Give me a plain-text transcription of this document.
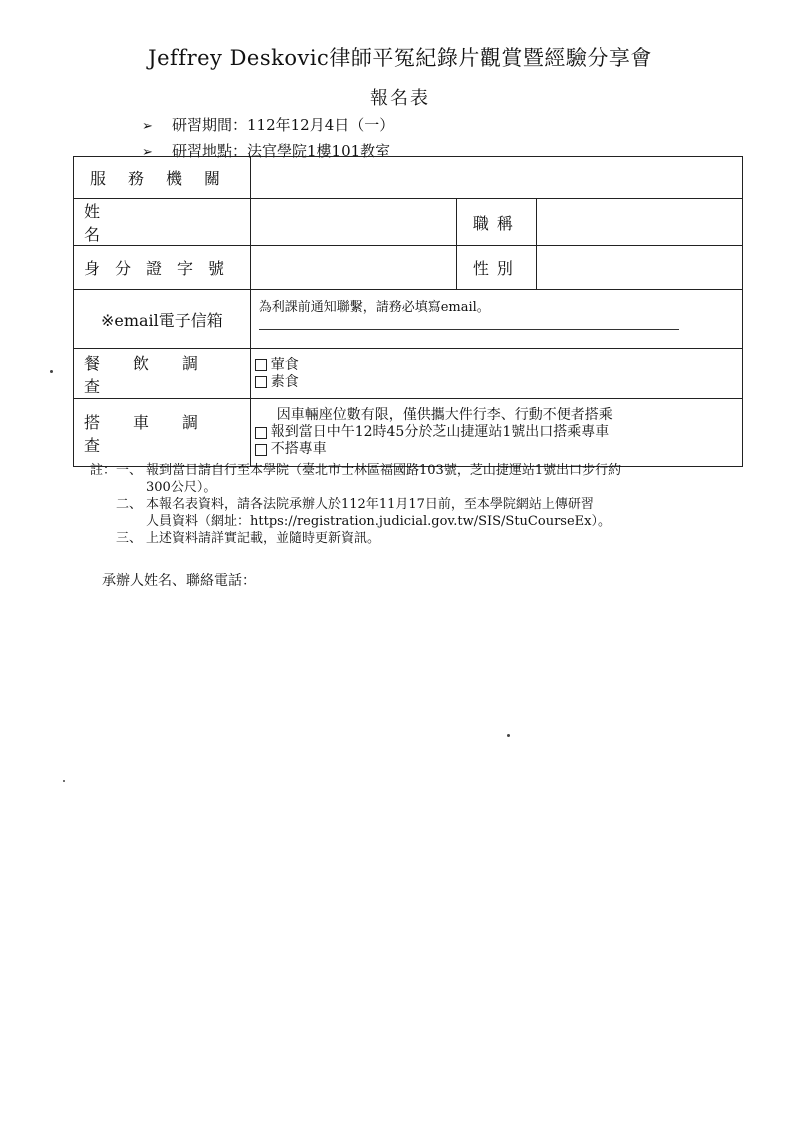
Jeffrey Deskovic律師平冤紀錄片觀賞暨經驗分享會
報名表
➢ 研習期間：112年12月4日（一）
➢ 研習地點：法官學院1樓101教室
服務機關			

姓名		職稱	

身分證字號		性別	

※email電子信箱	為利課前通知聯繫，請務必填寫email。		

餐飲調查	葷食
素食		

搭車調查	因車輛座位數有限，僅供攜大件行李、行動不便者搭乘
報到當日中午12時45分於芝山捷運站1號出口搭乘專車
不搭專車		
註： 一、 報到當日請自行至本學院（臺北市士林區福國路103號，芝山捷運站1號出口步行約
300公尺）。
二、 本報名表資料，請各法院承辦人於112年11月17日前，至本學院網站上傳研習
人員資料（網址：https://registration.judicial.gov.tw/SIS/StuCourseEx）。
三、 上述資料請詳實記載，並隨時更新資訊。
承辦人姓名、聯絡電話：
